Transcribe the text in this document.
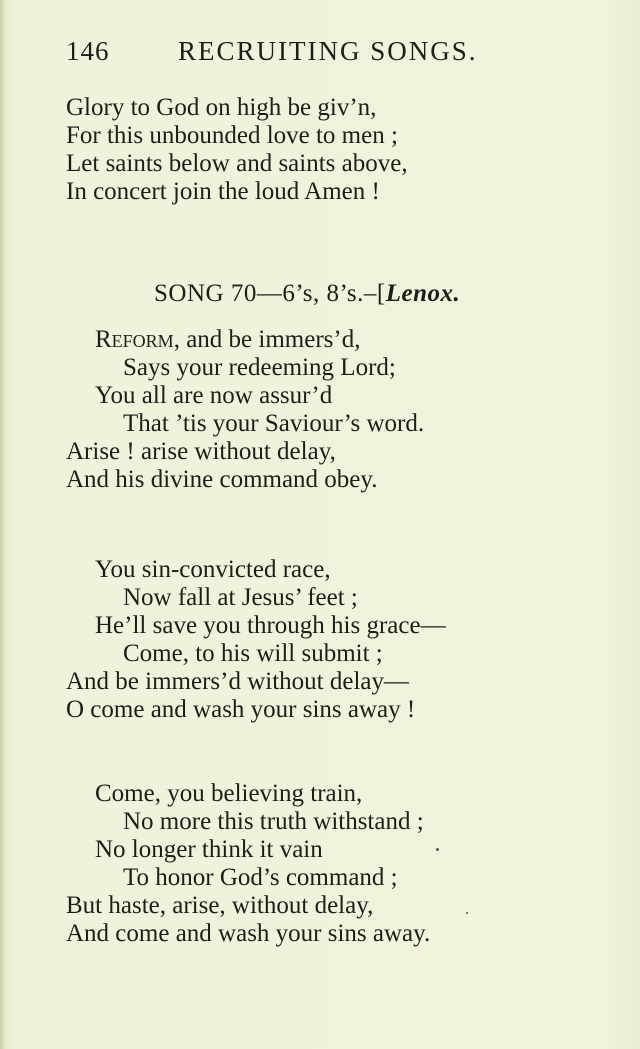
146	RECRUITING SONGS.
Glory to God on high be giv’n,
For this unbounded love to men ;
Let saints below and saints above,
In concert join the loud Amen !
SONG 70—6’s, 8’s.–[Lenox.
Reform, and be immers’d,
Says your redeeming Lord;
You all are now assur’d
That ’tis your Saviour’s word.
Arise ! arise without delay,
And his divine command obey.
You sin-convicted race,
Now fall at Jesus’ feet ;
He’ll save you through his grace—
Come, to his will submit ;
And be immers’d without delay—
O come and wash your sins away !
Come, you believing train,
No more this truth withstand ;
No longer think it vain
To honor God’s command ;
But haste, arise, without delay,
And come and wash your sins away.
